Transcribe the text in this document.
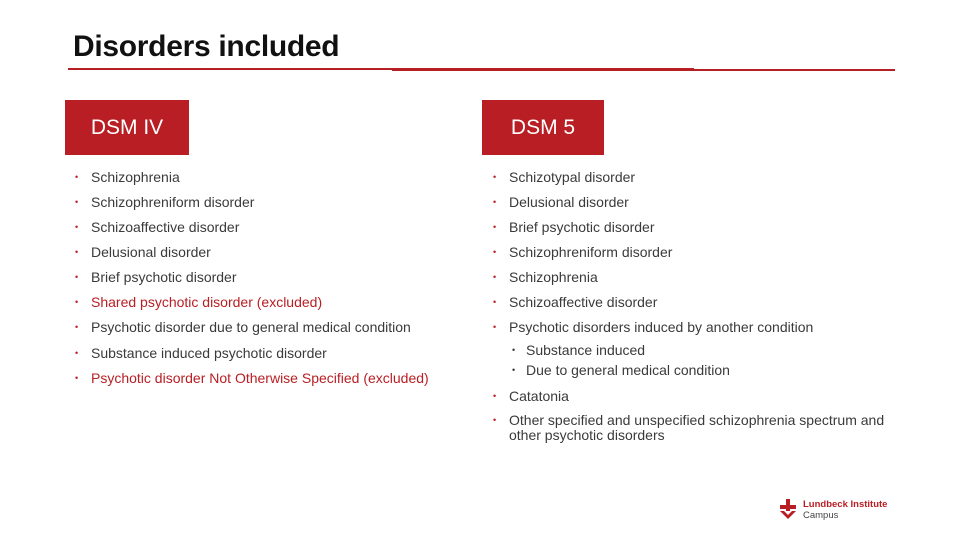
Disorders included
DSM IV	DSM 5
• Schizophrenia
• Schizophreniform disorder
• Schizoaffective disorder
• Delusional disorder
• Brief psychotic disorder
• Shared psychotic disorder (excluded)
• Psychotic disorder due to general medical condition
• Substance induced psychotic disorder
• Psychotic disorder Not Otherwise Specified (excluded)
• Schizotypal disorder
• Delusional disorder
• Brief psychotic disorder
• Schizophreniform disorder
• Schizophrenia
• Schizoaffective disorder
• Psychotic disorders induced by another condition
• Substance induced
• Due to general medical condition
• Catatonia
• Other specified and unspecified schizophrenia spectrum and other psychotic disorders
Lundbeck Institute
Campus
